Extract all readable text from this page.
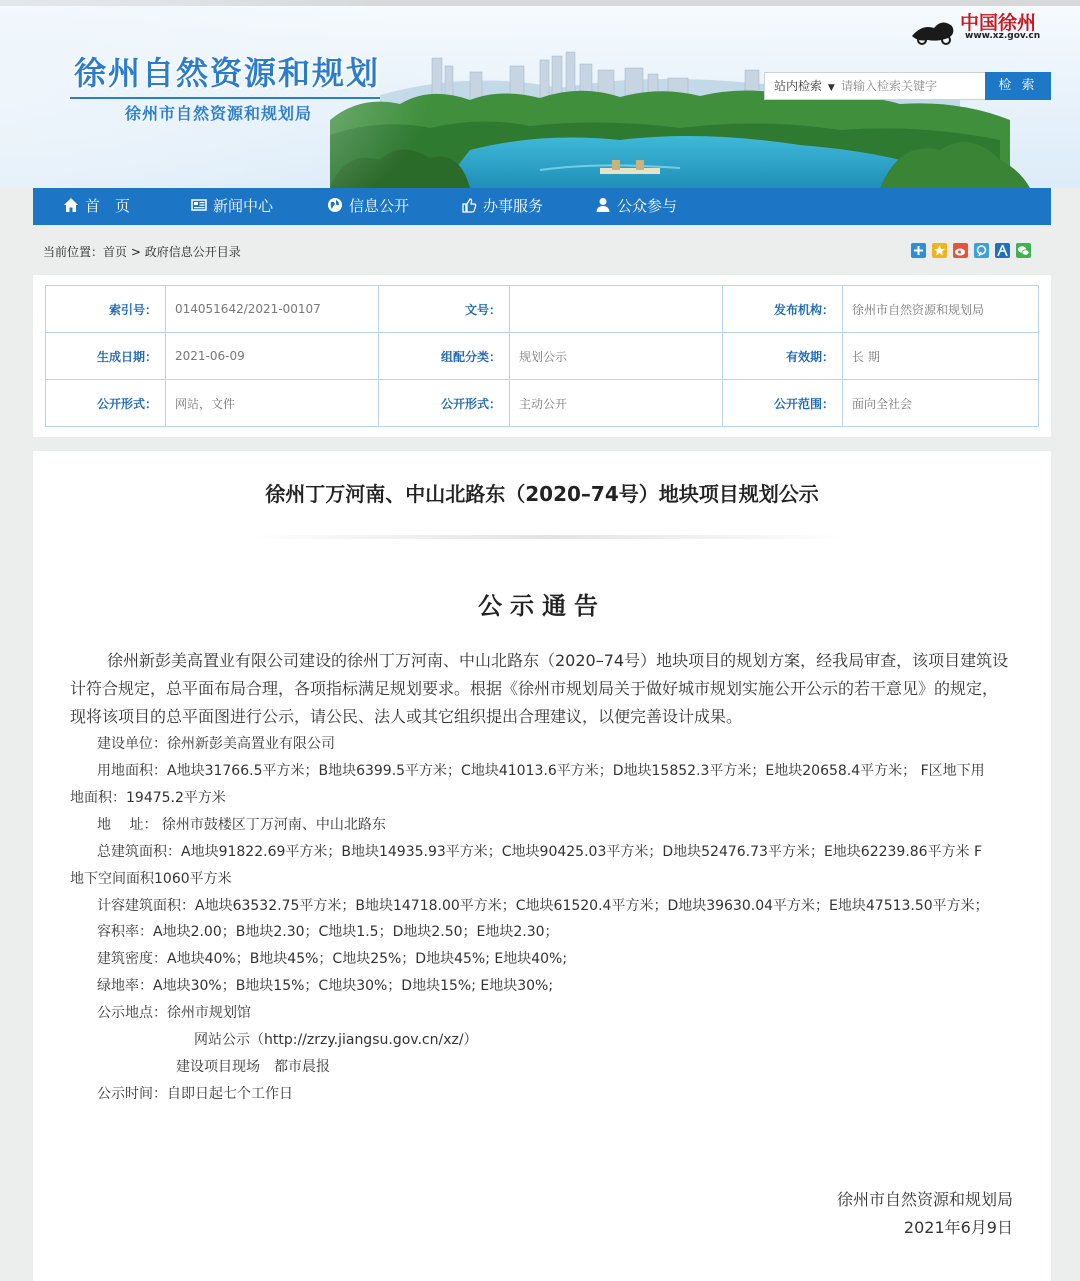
徐州自然资源和规划
徐州市自然资源和规划局
中国徐州
www.xz.gov.cn
站内检索 ▼
请输入检索关键字	检 索
首　页	新闻中心	信息公开	办事服务	公众参与
当前位置：首页 > 政府信息公开目录
索引号：	014051642/2021-00107	文号：		发布机构：	徐州市自然资源和规划局
生成日期：	2021-06-09	组配分类：	规划公示	有效期：	长 期
公开形式：	网站，文件	公开形式：	主动公开	公开范围：	面向全社会
徐州丁万河南、中山北路东（2020–74号）地块项目规划公示
公示通告
徐州新彭美高置业有限公司建设的徐州丁万河南、中山北路东（2020–74号）地块项目的规划方案，经我局审查，该项目建筑设计符合规定，总平面布局合理，各项指标满足规划要求。根据《徐州市规划局关于做好城市规划实施公开公示的若干意见》的规定，现将该项目的总平面图进行公示，请公民、法人或其它组织提出合理建议，以便完善设计成果。
建设单位：徐州新彭美高置业有限公司
用地面积：A地块31766.5平方米；B地块6399.5平方米；C地块41013.6平方米；D地块15852.3平方米；E地块20658.4平方米； F区地下用
地面积：19475.2平方米
地　 址： 徐州市鼓楼区丁万河南、中山北路东
总建筑面积：A地块91822.69平方米；B地块14935.93平方米；C地块90425.03平方米；D地块52476.73平方米；E地块62239.86平方米 F
地下空间面积1060平方米
计容建筑面积：A地块63532.75平方米；B地块14718.00平方米；C地块61520.4平方米；D地块39630.04平方米；E地块47513.50平方米；
容积率：A地块2.00；B地块2.30；C地块1.5；D地块2.50；E地块2.30；
建筑密度：A地块40%；B地块45%；C地块25%；D地块45%; E地块40%;
绿地率：A地块30%；B地块15%；C地块30%；D地块15%; E地块30%;
公示地点：徐州市规划馆
网站公示（http://zrzy.jiangsu.gov.cn/xz/）
建设项目现场　都市晨报
公示时间：自即日起七个工作日
徐州市自然资源和规划局
2021年6月9日
